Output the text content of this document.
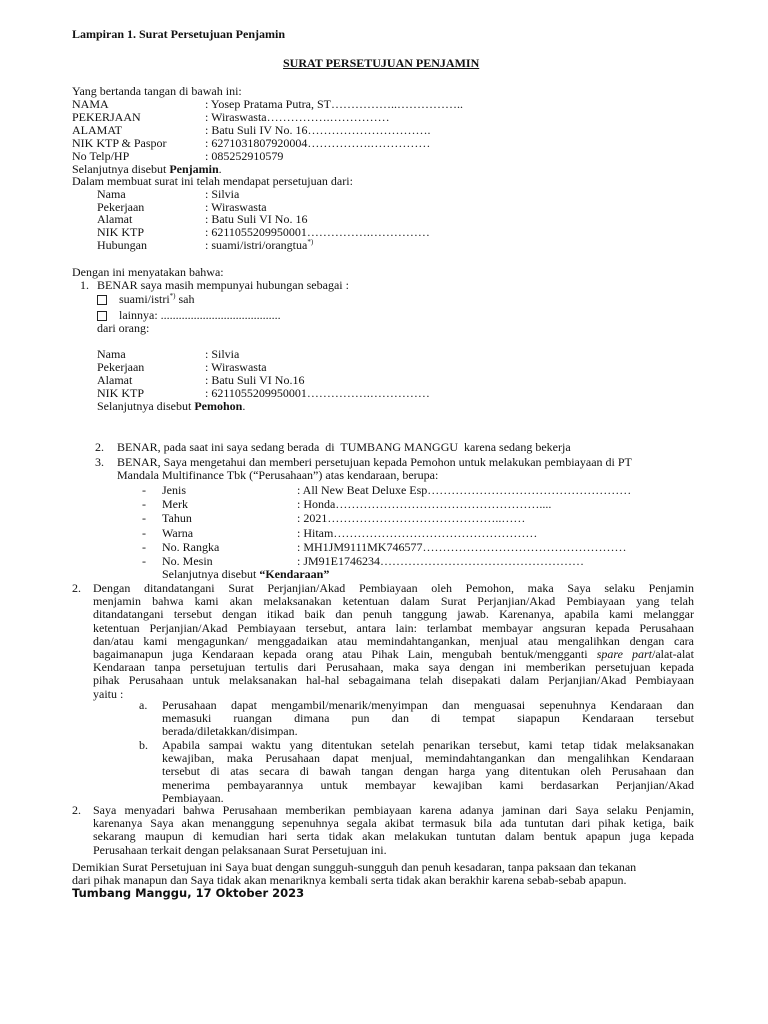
Lampiran 1. Surat Persetujuan Penjamin
SURAT PERSETUJUAN PENJAMIN
Yang bertanda tangan di bawah ini:
NAMA	: Yosep Pratama Putra, ST……………..……………..
PEKERJAAN	: Wiraswasta…………….……………
ALAMAT	: Batu Suli IV No. 16………………………….
NIK KTP & Paspor	: 6271031807920004…………….……………
No Telp/HP	: 085252910579
Selanjutnya disebut Penjamin.
Dalam membuat surat ini telah mendapat persetujuan dari:
Nama	: Silvia
Pekerjaan	: Wiraswasta
Alamat	: Batu Suli VI No. 16
NIK KTP	: 6211055209950001…………….……………
Hubungan	: suami/istri/orangtua*)
Dengan ini menyatakan bahwa:
1. BENAR saya masih mempunyai hubungan sebagai :
suami/istri*) sah
lainnya: ........................................
dari orang:
Nama	: Silvia
Pekerjaan	: Wiraswasta
Alamat	: Batu Suli VI No.16
NIK KTP	: 6211055209950001…………….……………
Selanjutnya disebut Pemohon.
2. BENAR, pada saat ini saya sedang berada  di  TUMBANG MANGGU  karena sedang bekerja
3. BENAR, Saya mengetahui dan memberi persetujuan kepada Pemohon untuk melakukan pembiayaan di PT
Mandala Multifinance Tbk (“Perusahaan”) atas kendaraan, berupa:
- Jenis	: All New Beat Deluxe Esp……………………………………………
- Merk	: Honda……………………………………………....
- Tahun	: 2021……………………………………..……
- Warna	: Hitam……………………………………………
- No. Rangka	: MH1JM9111MK746577……………………………………………
- No. Mesin	: JM91E1746234……………………………………………
Selanjutnya disebut “Kendaraan”
2. Dengan ditandatangani Surat Perjanjian/Akad Pembiayaan oleh Pemohon, maka Saya selaku Penjamin
menjamin bahwa kami akan melaksanakan ketentuan dalam Surat Perjanjian/Akad Pembiayaan yang telah
ditandatangani tersebut dengan itikad baik dan penuh tanggung jawab. Karenanya, apabila kami melanggar
ketentuan Perjanjian/Akad Pembiayaan tersebut, antara lain: terlambat membayar angsuran kepada Perusahaan
dan/atau kami mengagunkan/ menggadaikan atau memindahtangankan, menjual atau mengalihkan dengan cara
bagaimanapun juga Kendaraan kepada orang atau Pihak Lain, mengubah bentuk/mengganti spare part/alat-alat
Kendaraan tanpa persetujuan tertulis dari Perusahaan, maka saya dengan ini memberikan persetujuan kepada
pihak Perusahaan untuk melaksanakan hal-hal sebagaimana telah disepakati dalam Perjanjian/Akad Pembiayaan
yaitu :
a. Perusahaan dapat mengambil/menarik/menyimpan dan menguasai sepenuhnya Kendaraan dan
memasuki ruangan dimana pun dan di tempat siapapun Kendaraan tersebut
berada/diletakkan/disimpan.
b. Apabila sampai waktu yang ditentukan setelah penarikan tersebut, kami tetap tidak melaksanakan
kewajiban, maka Perusahaan dapat menjual, memindahtangankan dan mengalihkan Kendaraan
tersebut di atas secara di bawah tangan dengan harga yang ditentukan oleh Perusahaan dan
menerima pembayarannya untuk membayar kewajiban kami berdasarkan Perjanjian/Akad
Pembiayaan.
2. Saya menyadari bahwa Perusahaan memberikan pembiayaan karena adanya jaminan dari Saya selaku Penjamin,
karenanya Saya akan menanggung sepenuhnya segala akibat termasuk bila ada tuntutan dari pihak ketiga, baik
sekarang maupun di kemudian hari serta tidak akan melakukan tuntutan dalam bentuk apapun juga kepada
Perusahaan terkait dengan pelaksanaan Surat Persetujuan ini.
Demikian Surat Persetujuan ini Saya buat dengan sungguh-sungguh dan penuh kesadaran, tanpa paksaan dan tekanan
dari pihak manapun dan Saya tidak akan menariknya kembali serta tidak akan berakhir karena sebab-sebab apapun.
Tumbang Manggu, 17 Oktober 2023
